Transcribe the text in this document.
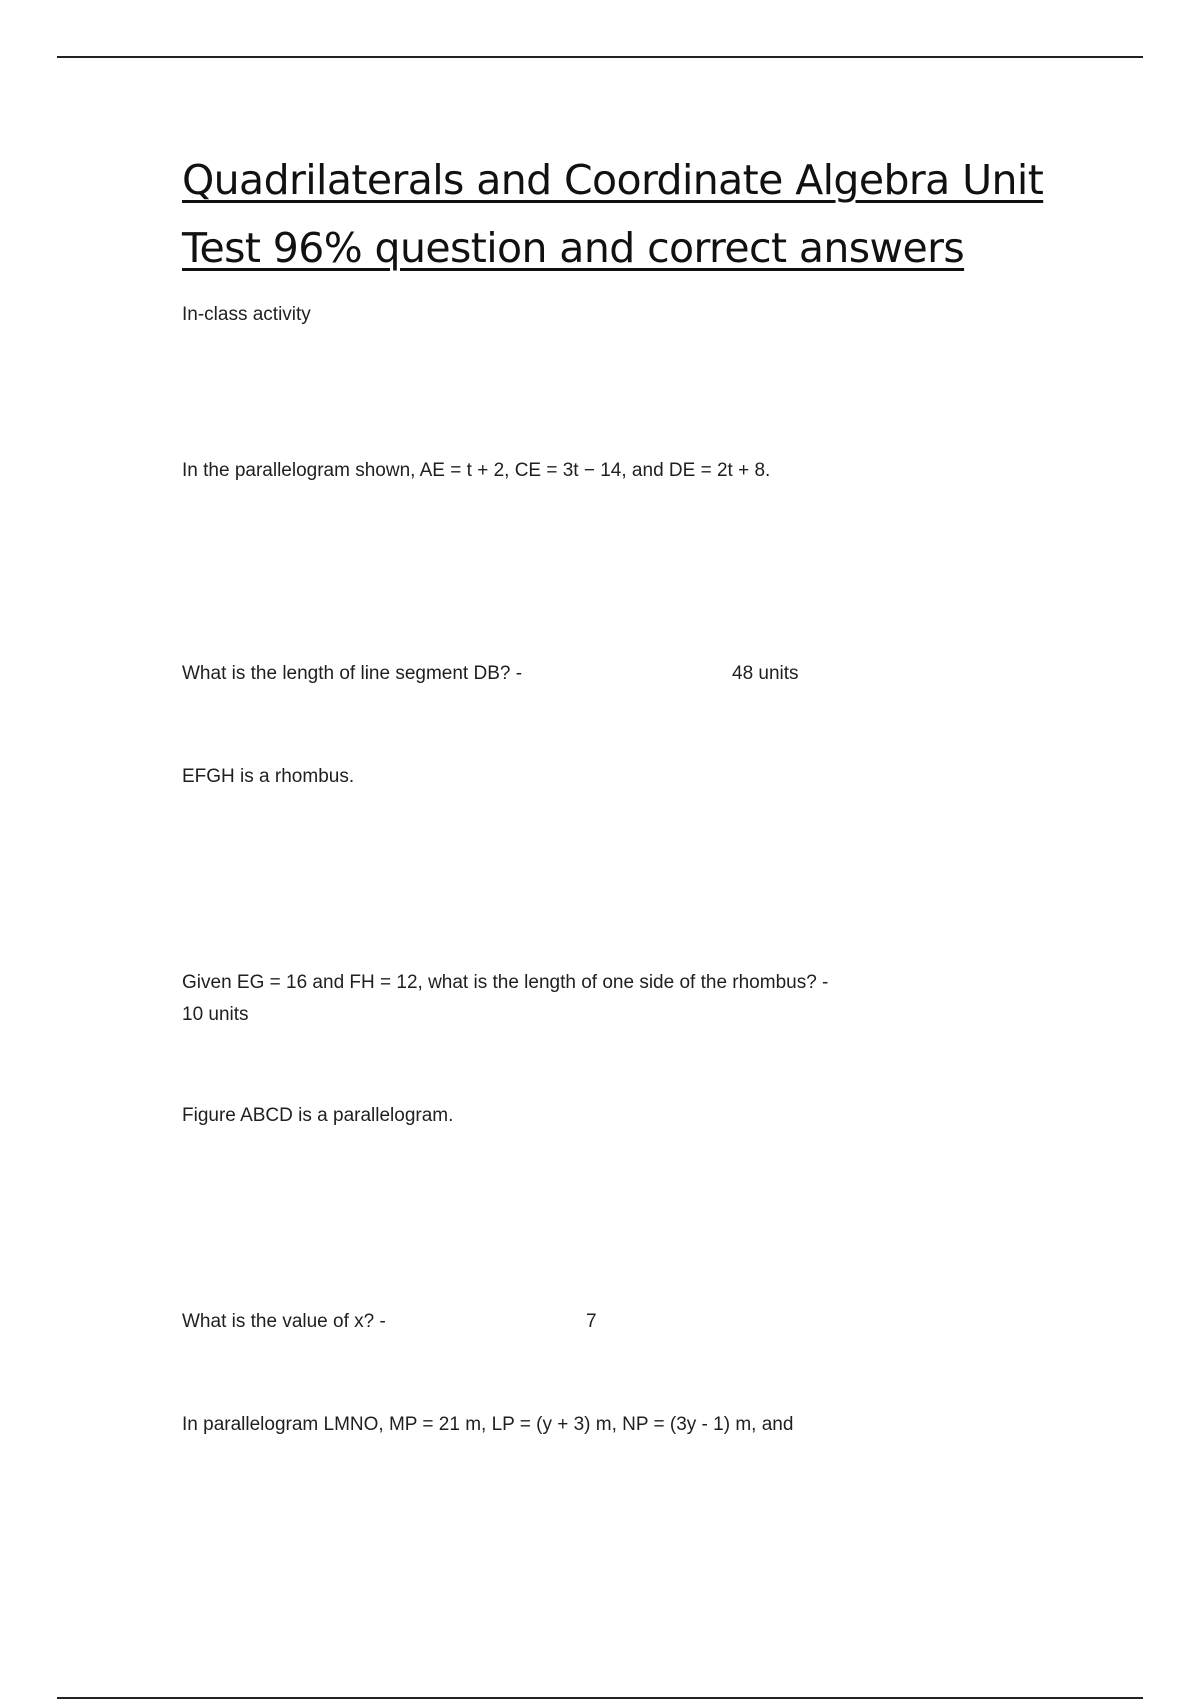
Quadrilaterals and Coordinate Algebra Unit
Test 96% question and correct answers
In-class activity
In the parallelogram shown, AE = t + 2, CE = 3t − 14, and DE = 2t + 8.
What is the length of line segment DB? -	48 units
EFGH is a rhombus.
Given EG = 16 and FH = 12, what is the length of one side of the rhombus? -
10 units
Figure ABCD is a parallelogram.
What is the value of x? -	7
In parallelogram LMNO, MP = 21 m, LP = (y + 3) m, NP = (3y - 1) m, and
